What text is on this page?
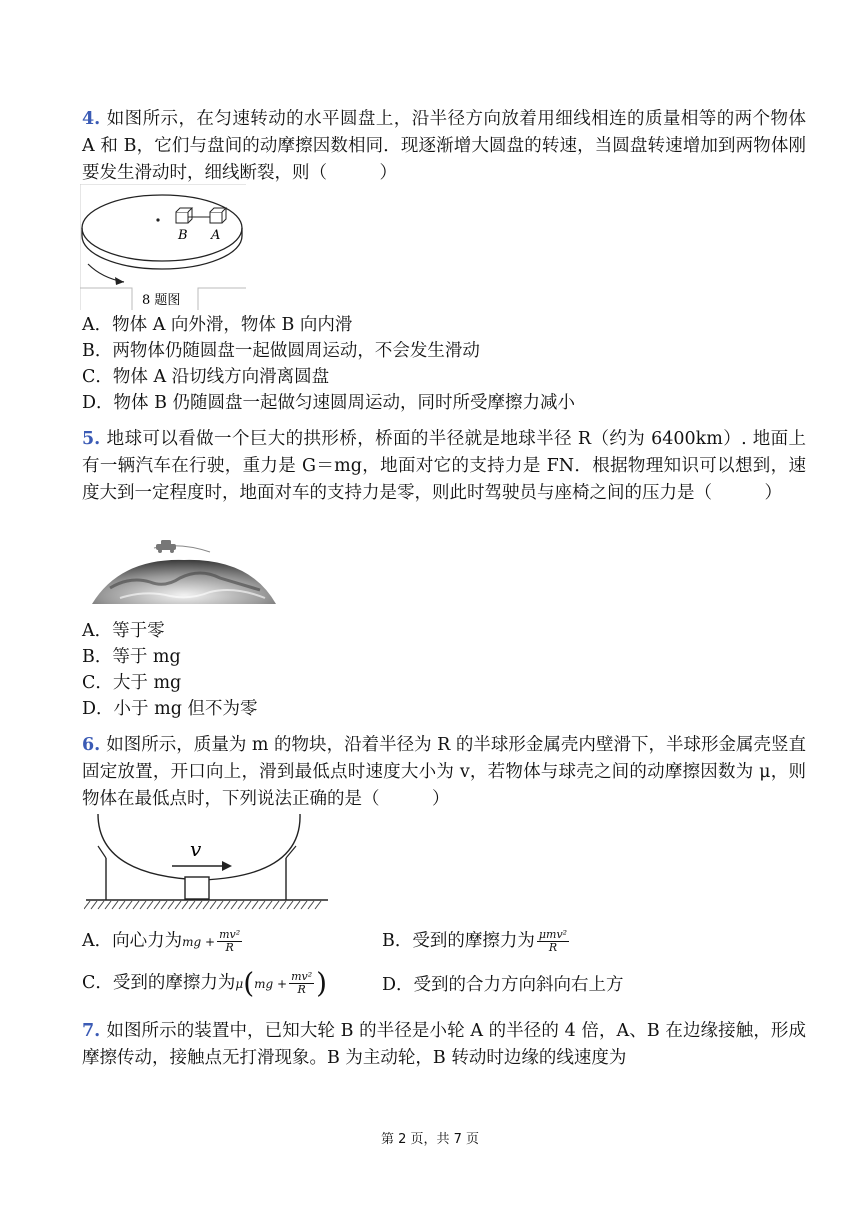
4. 如图所示，在匀速转动的水平圆盘上，沿半径方向放着用细线相连的质量相等的两个物体 A 和 B，它们与盘间的动摩擦因数相同．现逐渐增大圆盘的转速，当圆盘转速增加到两物体刚要发生滑动时，细线断裂，则（　　　）
B A
8 题图
A．物体 A 向外滑，物体 B 向内滑
B．两物体仍随圆盘一起做圆周运动，不会发生滑动
C．物体 A 沿切线方向滑离圆盘
D．物体 B 仍随圆盘一起做匀速圆周运动，同时所受摩擦力减小
5. 地球可以看做一个巨大的拱形桥，桥面的半径就是地球半径 R（约为 6400km）. 地面上有一辆汽车在行驶，重力是 G＝mg，地面对它的支持力是 FN．根据物理知识可以想到，速度大到一定程度时，地面对车的支持力是零，则此时驾驶员与座椅之间的压力是（　　　）
A．等于零
B．等于 mg
C．大于 mg
D．小于 mg 但不为零
6. 如图所示，质量为 m 的物块，沿着半径为 R 的半球形金属壳内壁滑下，半球形金属壳竖直固定放置，开口向上，滑到最低点时速度大小为 v，若物体与球壳之间的动摩擦因数为 μ，则物体在最低点时，下列说法正确的是（　　　）
v
A．向心力为mg + $\frac{\text{mv²}}{R}$	B．受到的摩擦力为 $\frac{\text{μmv²}}{R}$
C．受到的摩擦力为$\mu(mg + \frac{\text{mv²}}{R}$ )	D．受到的合力方向斜向右上方
7. 如图所示的装置中，已知大轮 B 的半径是小轮 A 的半径的 4 倍，A、B 在边缘接触，形成摩擦传动，接触点无打滑现象。B 为主动轮，B 转动时边缘的线速度为
第 2 页，共 7 页
